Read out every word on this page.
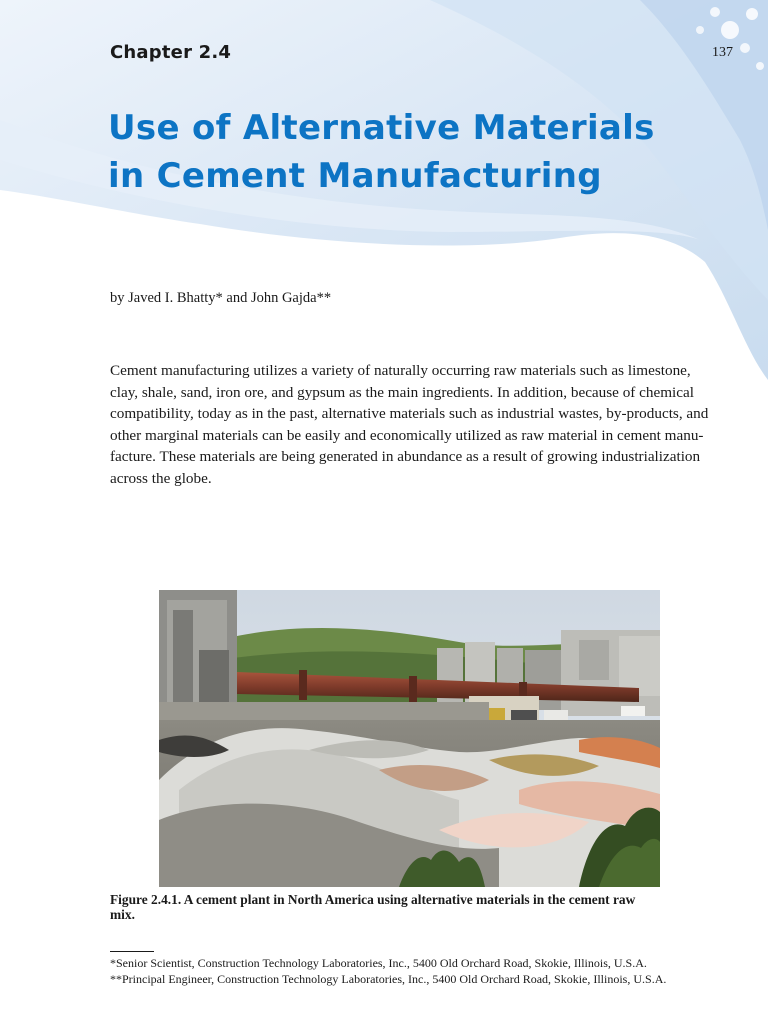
Chapter 2.4	137
Use of Alternative Materials
in Cement Manufacturing
by Javed I. Bhatty* and John Gajda**

Cement manufacturing utilizes a variety of naturally occurring raw materials such as limestone,
clay, shale, sand, iron ore, and gypsum as the main ingredients. In addition, because of chemical
compatibility, today as in the past, alternative materials such as industrial wastes, by-products, and
other marginal materials can be easily and economically utilized as raw material in cement manu-
facture. These materials are being generated in abundance as a result of growing industrialization
across the globe.

Figure 2.4.1. A cement plant in North America using alternative materials in the cement raw
mix.

*Senior Scientist, Construction Technology Laboratories, Inc., 5400 Old Orchard Road, Skokie, Illinois, U.S.A.
**Principal Engineer, Construction Technology Laboratories, Inc., 5400 Old Orchard Road, Skokie, Illinois, U.S.A.
